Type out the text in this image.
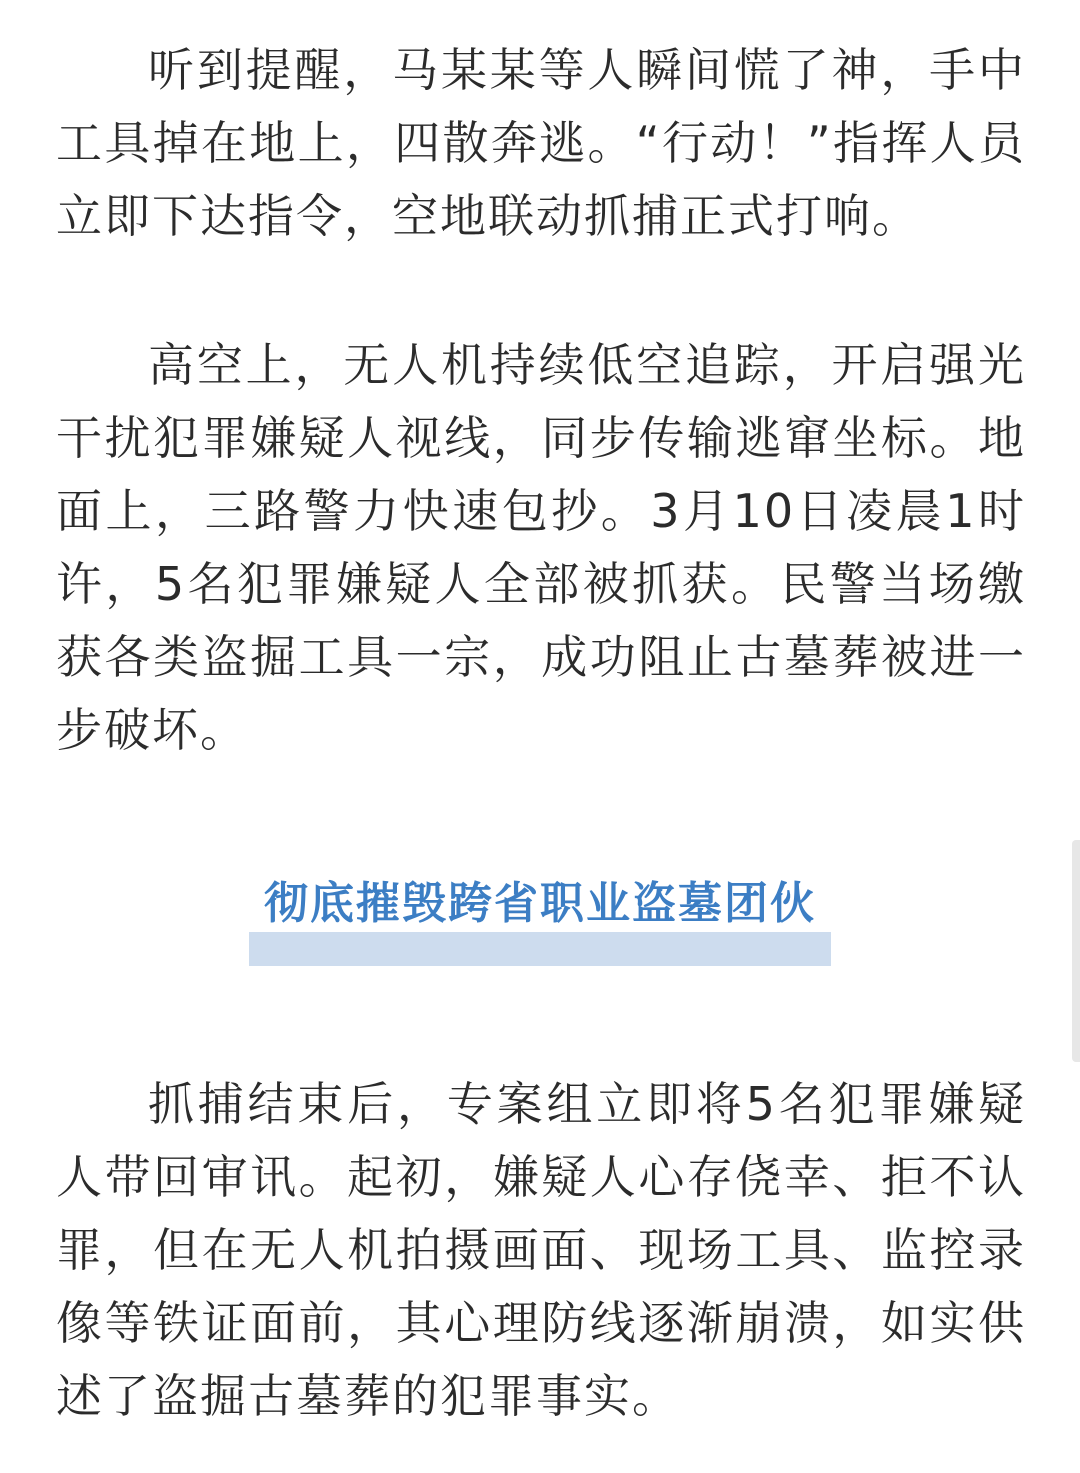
听到提醒，马某某等人瞬间慌了神，手中工具掉在地上，四散奔逃。“行动！”指挥人员立即下达指令，空地联动抓捕正式打响。

高空上，无人机持续低空追踪，开启强光干扰犯罪嫌疑人视线，同步传输逃窜坐标。地面上，三路警力快速包抄。3月10日凌晨1时许，5名犯罪嫌疑人全部被抓获。民警当场缴获各类盗掘工具一宗，成功阻止古墓葬被进一步破坏。

抓捕结束后，专案组立即将5名犯罪嫌疑人带回审讯。起初，嫌疑人心存侥幸、拒不认罪，但在无人机拍摄画面、现场工具、监控录像等铁证面前，其心理防线逐渐崩溃，如实供述了盗掘古墓葬的犯罪事实。

彻底摧毁跨省职业盗墓团伙
